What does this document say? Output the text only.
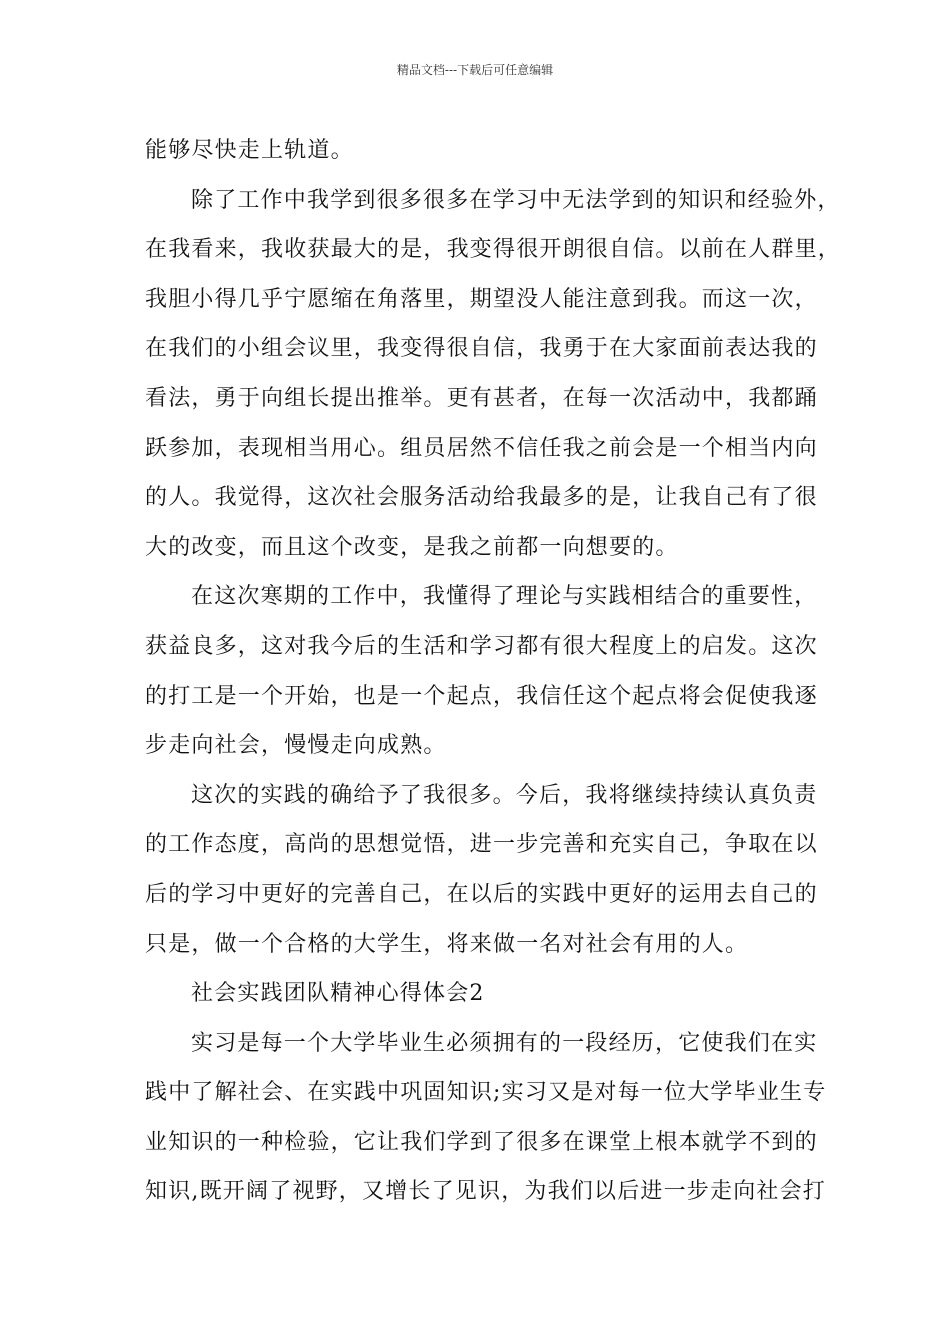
精品文档---下载后可任意编辑
能够尽快走上轨道。
除了工作中我学到很多很多在学习中无法学到的知识和经验外，
在我看来，我收获最大的是，我变得很开朗很自信。以前在人群里，
我胆小得几乎宁愿缩在角落里，期望没人能注意到我。而这一次，
在我们的小组会议里，我变得很自信，我勇于在大家面前表达我的
看法，勇于向组长提出推举。更有甚者，在每一次活动中，我都踊
跃参加，表现相当用心。组员居然不信任我之前会是一个相当内向
的人。我觉得，这次社会服务活动给我最多的是，让我自己有了很
大的改变，而且这个改变，是我之前都一向想要的。
在这次寒期的工作中，我懂得了理论与实践相结合的重要性，
获益良多，这对我今后的生活和学习都有很大程度上的启发。这次
的打工是一个开始，也是一个起点，我信任这个起点将会促使我逐
步走向社会，慢慢走向成熟。
这次的实践的确给予了我很多。今后，我将继续持续认真负责
的工作态度，高尚的思想觉悟，进一步完善和充实自己，争取在以
后的学习中更好的完善自己，在以后的实践中更好的运用去自己的
只是，做一个合格的大学生，将来做一名对社会有用的人。
社会实践团队精神心得体会2
实习是每一个大学毕业生必须拥有的一段经历，它使我们在实
践中了解社会、在实践中巩固知识;实习又是对每一位大学毕业生专
业知识的一种检验，它让我们学到了很多在课堂上根本就学不到的
知识,既开阔了视野，又增长了见识，为我们以后进一步走向社会打
